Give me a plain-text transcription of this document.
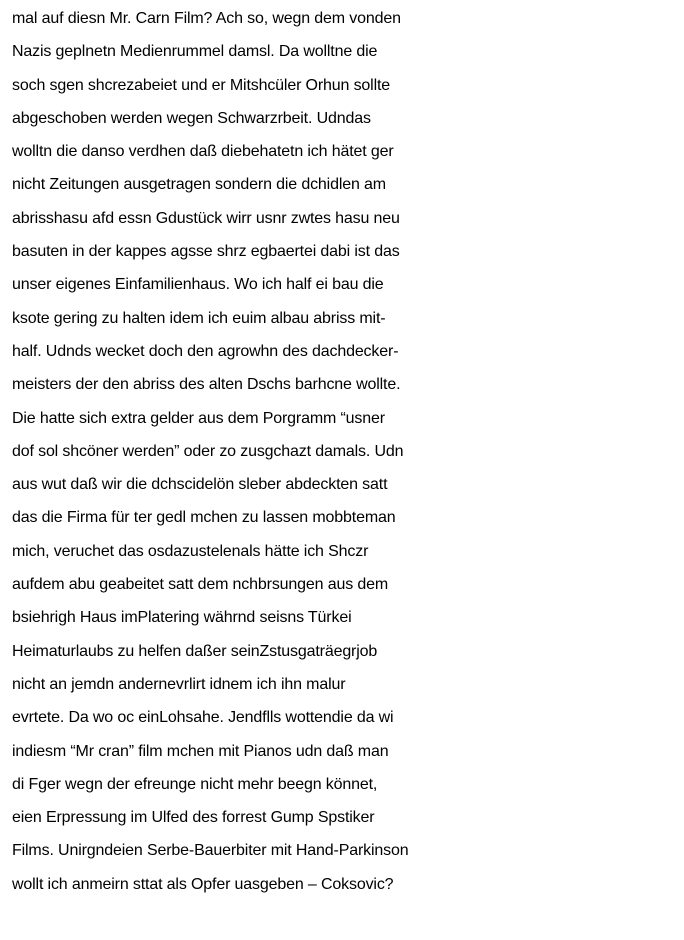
mal auf diesn Mr. Carn Film? Ach so, wegn dem vonden
Nazis geplnetn Medienrummel damsl. Da wolltne die
soch sgen shcrezabeiet und er Mitshcüler Orhun sollte
abgeschoben werden wegen Schwarzrbeit. Udndas
wolltn die danso verdhen daß diebehatetn ich hätet ger
nicht Zeitungen ausgetragen sondern die dchidlen am
abrisshasu afd essn Gdustück wirr usnr zwtes hasu neu
basuten in der kappes agsse shrz egbaertei dabi ist das
unser eigenes Einfamilienhaus. Wo ich half ei bau die
ksote gering zu halten idem ich euim albau abriss mit-
half. Udnds wecket doch den agrowhn des dachdecker-
meisters der den abriss des alten Dschs barhcne wollte.
Die hatte sich extra gelder aus dem Porgramm “usner
dof sol shcöner werden” oder zo zusgchazt damals. Udn
aus wut daß wir die dchscidelön sleber abdeckten satt
das die Firma für ter gedl mchen zu lassen mobbteman
mich, veruchet das osdazustelenals hätte ich Shczr
aufdem abu geabeitet satt dem nchbrsungen aus dem
bsiehrigh Haus imPlatering währnd seisns Türkei
Heimaturlaubs zu helfen daßer seinZstusgaträegrjob
nicht an jemdn andernevrlirt idnem ich ihn malur
evrtete. Da wo oc einLohsahe. Jendflls wottendie da wi
indiesm “Mr cran” film mchen mit Pianos udn daß man
di Fger wegn der efreunge nicht mehr beegn könnet,
eien Erpressung im Ulfed des forrest Gump Spstiker
Films. Unirgndeien Serbe-Bauerbiter mit Hand-Parkinson
wollt ich anmeirn sttat als Opfer uasgeben – Coksovic?
